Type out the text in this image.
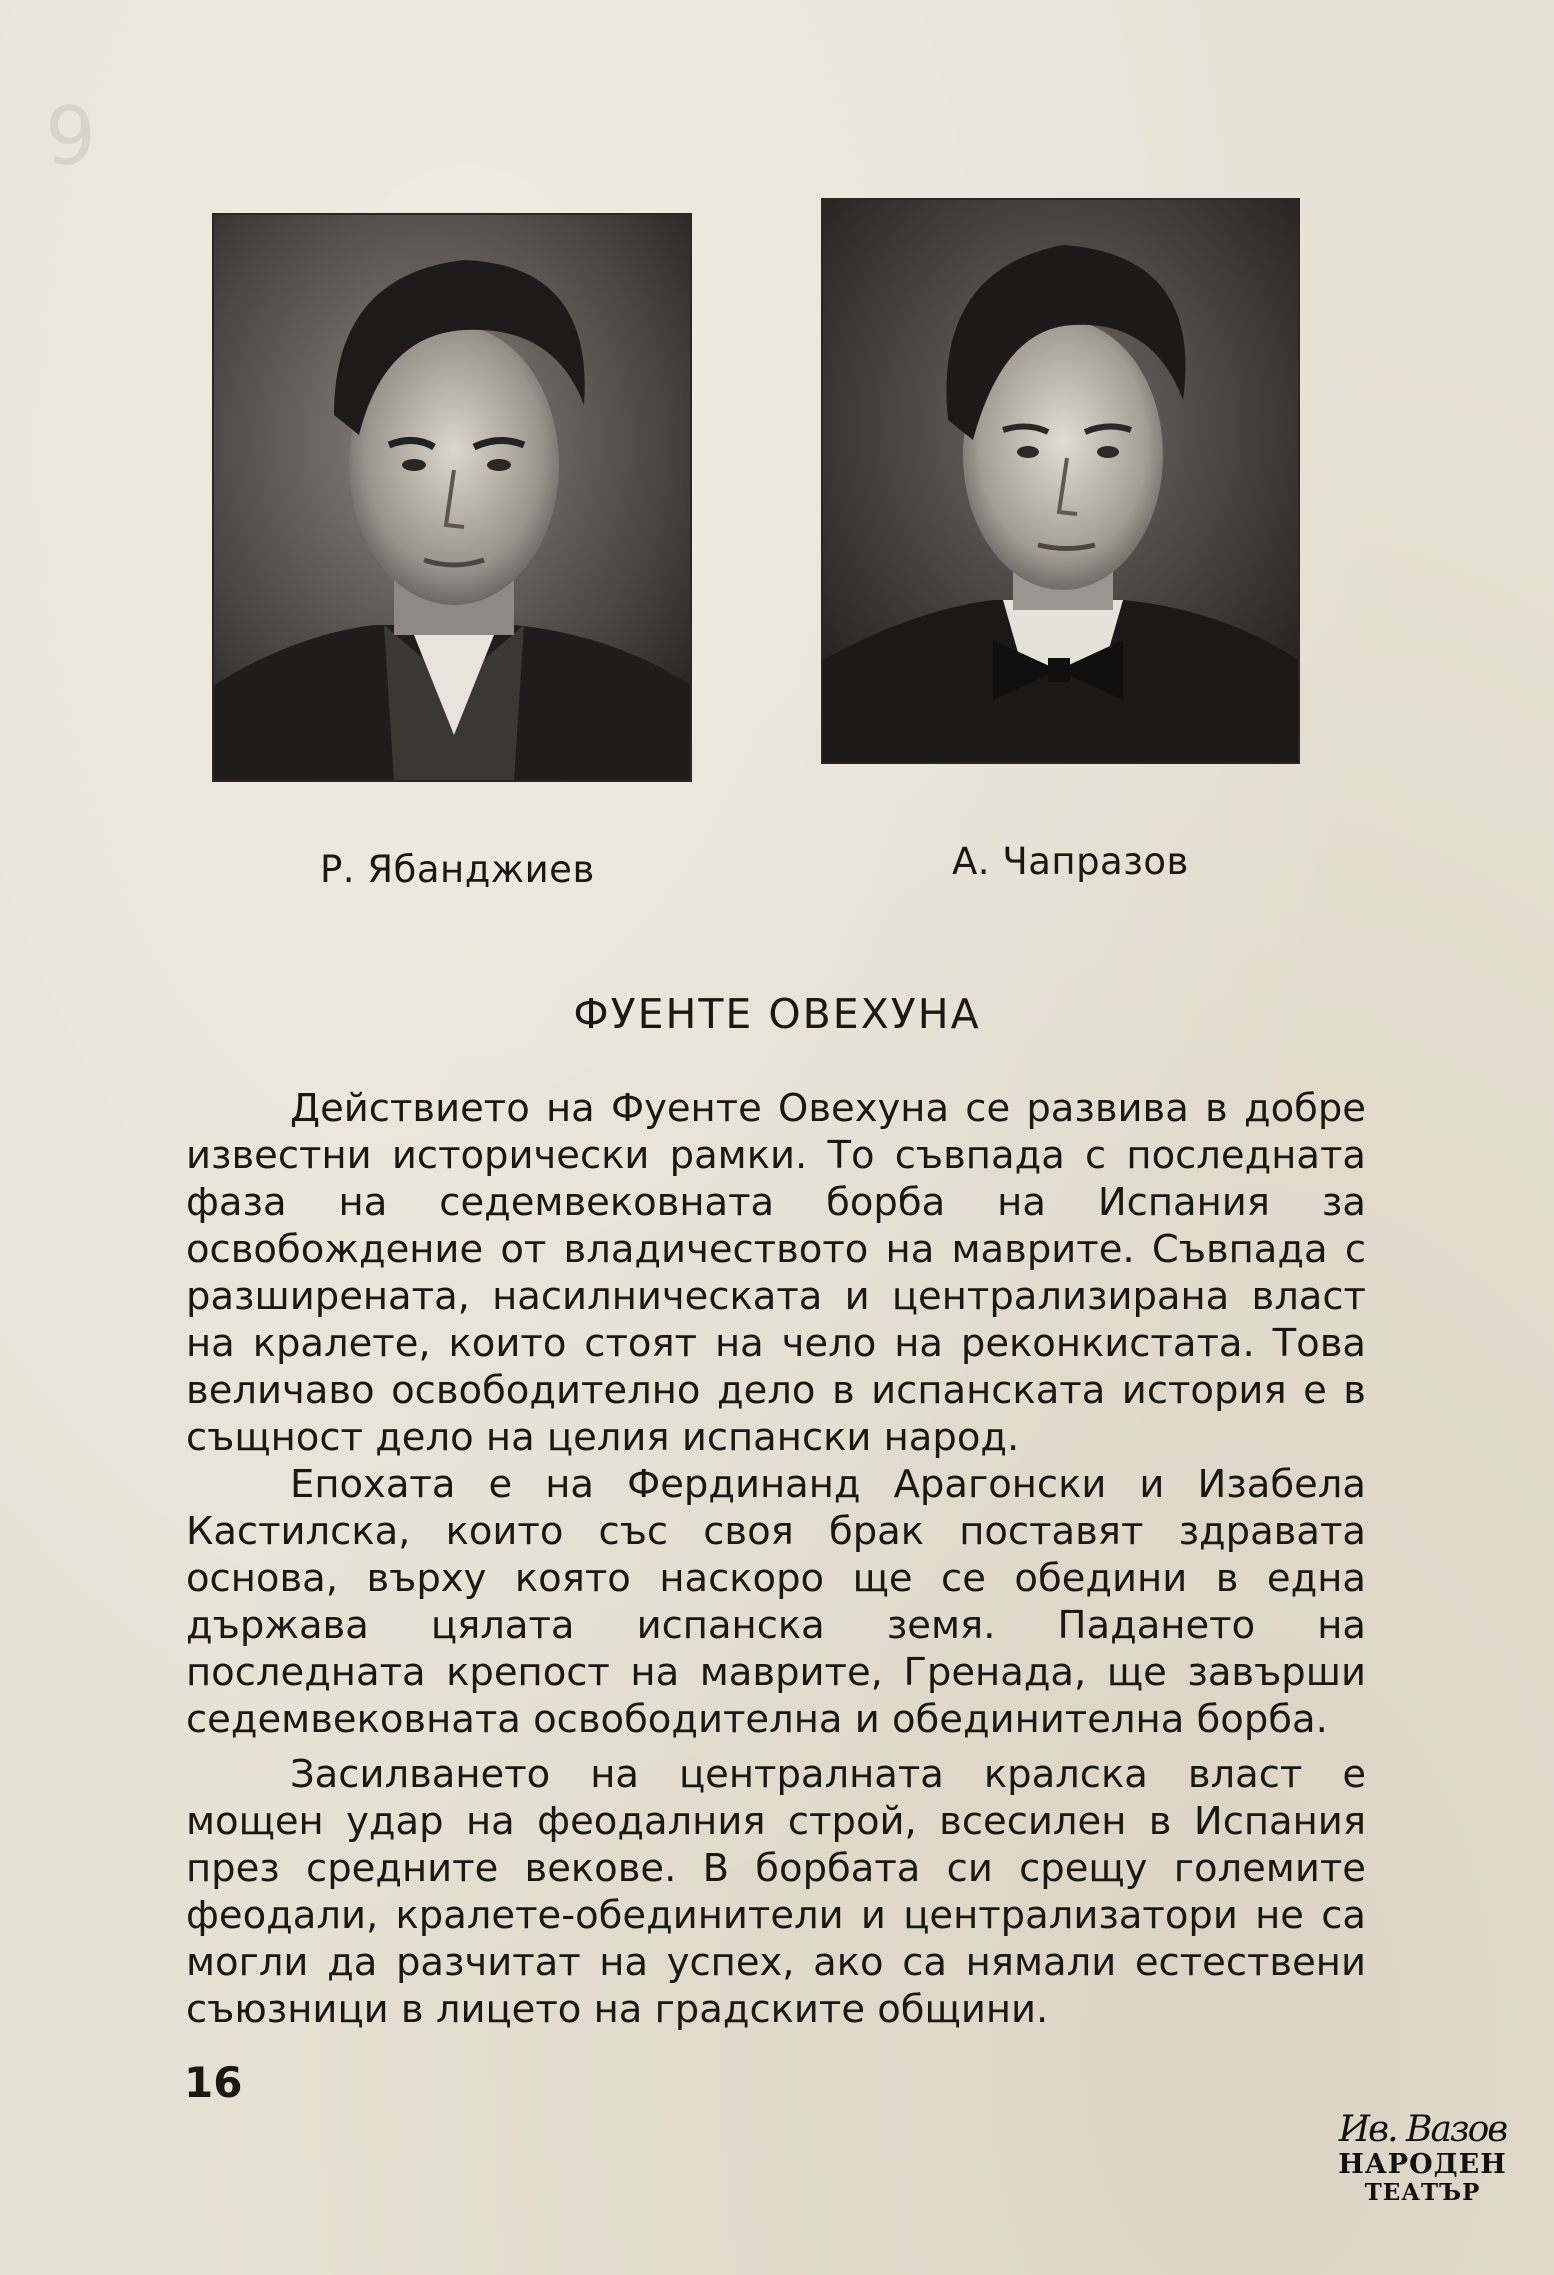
9
Р. Ябанджиев	А. Чапразов
ФУЕНТЕ ОВЕХУНА

Действието на Фуенте Овехуна се развива в добре известни исторически рамки. То съвпада с последната фаза на седемвековната борба на Испания за освобождение от владичеството на маврите. Съвпада с разширената, насилническата и централизирана власт на кралете, които стоят на чело на реконкистата. Това величаво освободително дело в испанската история е в същност дело на целия испански народ.

Епохата е на Фердинанд Арагонски и Изабела Кастилска, които със своя брак поставят здравата основа, върху която наскоро ще се обедини в една държава цялата испанска земя. Падането на последната крепост на маврите, Гренада, ще завърши седемвековната освободителна и обединителна борба.

Засилването на централната кралска власт е мощен удар на феодалния строй, всесилен в Испания през средните векове. В борбата си срещу големите феодали, кралете-обединители и централизатори не са могли да разчитат на успех, ако са нямали естествени съюзници в лицето на градските общини.

16
Ив. Вазов
НАРОДЕН
ТЕАТЪР
